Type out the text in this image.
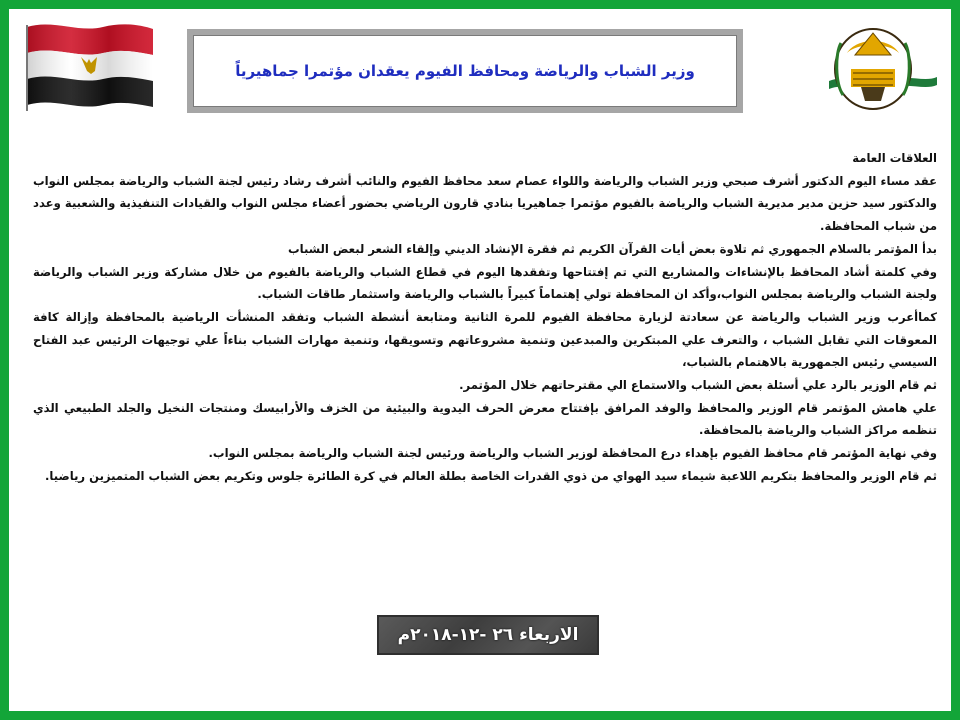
وزير الشباب والرياضة ومحافظ الفيوم يعقدان مؤتمرا جماهيرياً

العلاقات العامة

عقد مساء اليوم الدكتور أشرف صبحي وزير الشباب والرياضة واللواء عصام سعد محافظ الفيوم والنائب أشرف رشاد رئيس لجنة الشباب والرياضة بمجلس النواب والدكتور سيد حزين مدير مديرية الشباب والرياضة بالفيوم مؤتمرا جماهيريا بنادي قارون الرياضي بحضور أعضاء مجلس النواب والقيادات التنفيذية والشعبية وعدد من شباب المحافظة.

بدأ المؤتمر بالسلام الجمهوري ثم تلاوة بعض أيات القرآن الكريم ثم فقرة الإنشاد الديني وإلقاء الشعر لبعض الشباب

وفي كلمتة أشاد المحافظ بالإنشاءات والمشاريع التي تم إفتتاحها وتفقدها اليوم في قطاع الشباب والرياضة بالفيوم من خلال مشاركة وزير الشباب والرياضة ولجنة الشباب والرياضة بمجلس النواب،وأكد ان المحافظة تولي إهتماماً كبيراً بالشباب والرياضة واستثمار طاقات الشباب.

كماأعرب وزير الشباب والرياضة عن سعادتة لزيارة محافظة الفيوم للمرة الثانية ومتابعة أنشطة الشباب وتفقد المنشأت الرياضية بالمحافظة وإزالة كافة المعوقات التي تقابل الشباب ، والتعرف علي المبتكرين والمبدعين وتنمية مشروعاتهم وتسويقها، وتنمية مهارات الشباب بناءاً علي توجيهات الرئيس عبد الفتاح السيسي رئيس الجمهورية بالاهتمام بالشباب،

ثم قام الوزير بالرد علي أسئلة بعض الشباب والاستماع الي مقترحاتهم خلال المؤتمر.

علي هامش المؤتمر قام الوزير والمحافظ والوفد المرافق بإفتتاح معرض الحرف اليدوية والبيئية من الخزف والأرابيسك ومنتجات النخيل والجلد الطبيعي الذي تنظمه مراكز الشباب والرياضة بالمحافظة.

وفي نهاية المؤتمر قام محافظ الفيوم بإهداء درع المحافظة لوزير الشباب والرياضة ورئيس لجنة الشباب والرياضة بمجلس النواب.

ثم قام الوزير والمحافظ بتكريم اللاعبة شيماء سيد الهواي من ذوي القدرات الخاصة بطلة العالم في كرة الطائرة جلوس وتكريم بعض الشباب المتميزين رياضيا.

الاربعاء ٢٦ -١٢-٢٠١٨م
